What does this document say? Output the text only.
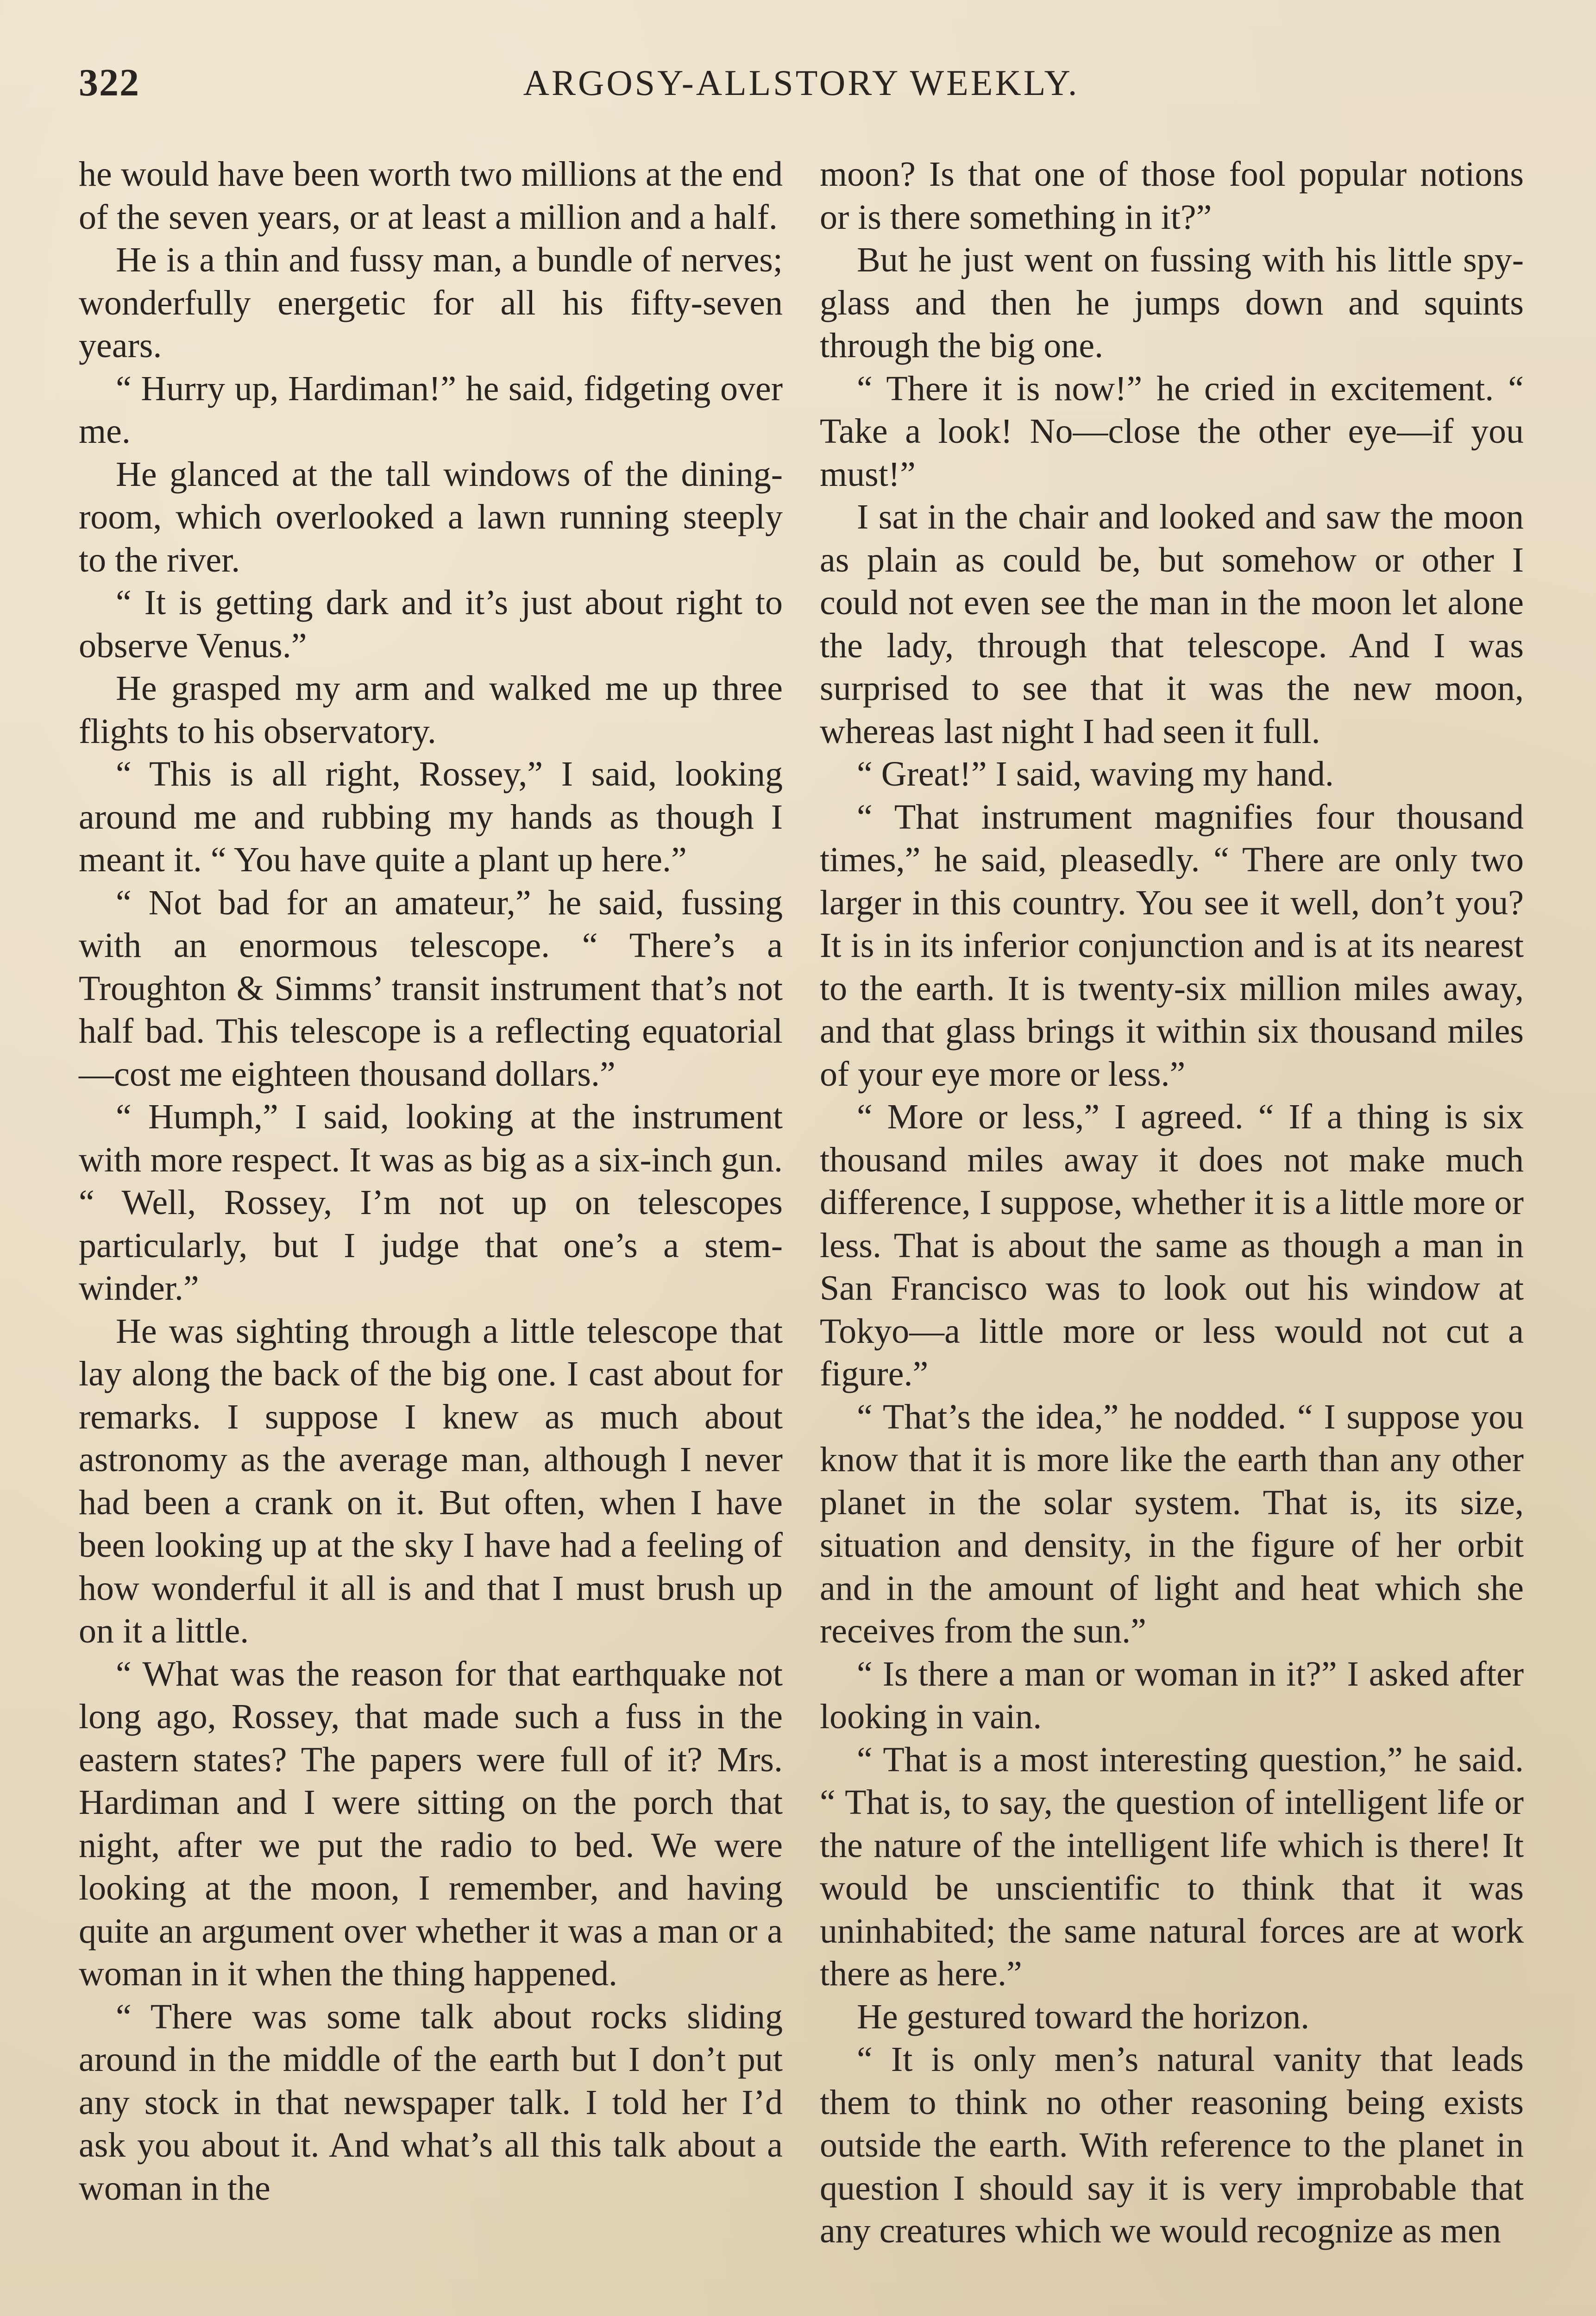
322	ARGOSY-ALLSTORY WEEKLY.

he would have been worth two millions at the end of the seven years, or at least a million and a half.

He is a thin and fussy man, a bundle of nerves; wonderfully energetic for all his fifty-seven years.

“ Hurry up, Hardiman!” he said, fidgeting over me.

He glanced at the tall windows of the dining-room, which overlooked a lawn running steeply to the river.

“ It is getting dark and it’s just about right to observe Venus.”

He grasped my arm and walked me up three flights to his observatory.

“ This is all right, Rossey,” I said, looking around me and rubbing my hands as though I meant it. “ You have quite a plant up here.”

“ Not bad for an amateur,” he said, fussing with an enormous telescope. “ There’s a Troughton & Simms’ transit instrument that’s not half bad. This telescope is a reflecting equatorial—cost me eighteen thousand dollars.”

“ Humph,” I said, looking at the instrument with more respect. It was as big as a six-inch gun. “ Well, Rossey, I’m not up on telescopes particularly, but I judge that one’s a stem-winder.”

He was sighting through a little telescope that lay along the back of the big one. I cast about for remarks. I suppose I knew as much about astronomy as the average man, although I never had been a crank on it. But often, when I have been looking up at the sky I have had a feeling of how wonderful it all is and that I must brush up on it a little.

“ What was the reason for that earthquake not long ago, Rossey, that made such a fuss in the eastern states? The papers were full of it? Mrs. Hardiman and I were sitting on the porch that night, after we put the radio to bed. We were looking at the moon, I remember, and having quite an argument over whether it was a man or a woman in it when the thing happened.

“ There was some talk about rocks sliding around in the middle of the earth but I don’t put any stock in that newspaper talk. I told her I’d ask you about it. And what’s all this talk about a woman in the

moon? Is that one of those fool popular notions or is there something in it?”

But he just went on fussing with his little spy-glass and then he jumps down and squints through the big one.

“ There it is now!” he cried in excitement. “ Take a look! No—close the other eye—if you must!”

I sat in the chair and looked and saw the moon as plain as could be, but somehow or other I could not even see the man in the moon let alone the lady, through that telescope. And I was surprised to see that it was the new moon, whereas last night I had seen it full.

“ Great!” I said, waving my hand.

“ That instrument magnifies four thousand times,” he said, pleasedly. “ There are only two larger in this country. You see it well, don’t you? It is in its inferior conjunction and is at its nearest to the earth. It is twenty-six million miles away, and that glass brings it within six thousand miles of your eye more or less.”

“ More or less,” I agreed. “ If a thing is six thousand miles away it does not make much difference, I suppose, whether it is a little more or less. That is about the same as though a man in San Francisco was to look out his window at Tokyo—a little more or less would not cut a figure.”

“ That’s the idea,” he nodded. “ I suppose you know that it is more like the earth than any other planet in the solar system. That is, its size, situation and density, in the figure of her orbit and in the amount of light and heat which she receives from the sun.”

“ Is there a man or woman in it?” I asked after looking in vain.

“ That is a most interesting question,” he said. “ That is, to say, the question of intelligent life or the nature of the intelligent life which is there! It would be unscientific to think that it was uninhabited; the same natural forces are at work there as here.”

He gestured toward the horizon.

“ It is only men’s natural vanity that leads them to think no other reasoning being exists outside the earth. With reference to the planet in question I should say it is very improbable that any creatures which we would recognize as men
